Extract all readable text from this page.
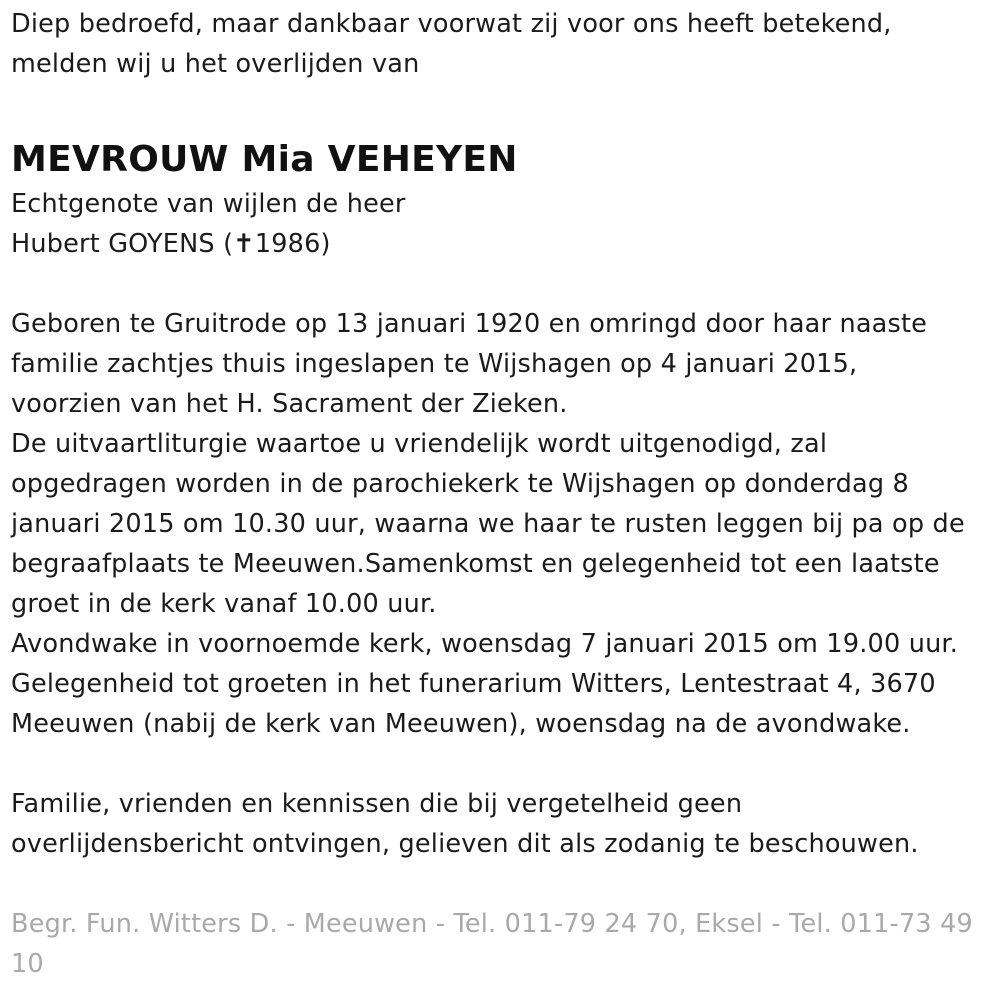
Diep bedroefd, maar dankbaar voorwat zij voor ons heeft betekend,
melden wij u het overlijden van
MEVROUW Mia VEHEYEN
Echtgenote van wijlen de heer
Hubert GOYENS (✝1986)
Geboren te Gruitrode op 13 januari 1920 en omringd door haar naaste
familie zachtjes thuis ingeslapen te Wijshagen op 4 januari 2015,
voorzien van het H. Sacrament der Zieken.
De uitvaartliturgie waartoe u vriendelijk wordt uitgenodigd, zal
opgedragen worden in de parochiekerk te Wijshagen op donderdag 8
januari 2015 om 10.30 uur, waarna we haar te rusten leggen bij pa op de
begraafplaats te Meeuwen.Samenkomst en gelegenheid tot een laatste
groet in de kerk vanaf 10.00 uur.
Avondwake in voornoemde kerk, woensdag 7 januari 2015 om 19.00 uur.
Gelegenheid tot groeten in het funerarium Witters, Lentestraat 4, 3670
Meeuwen (nabij de kerk van Meeuwen), woensdag na de avondwake.
Familie, vrienden en kennissen die bij vergetelheid geen
overlijdensbericht ontvingen, gelieven dit als zodanig te beschouwen.
Begr. Fun. Witters D. - Meeuwen - Tel. 011-79 24 70, Eksel - Tel. 011-73 49
10
